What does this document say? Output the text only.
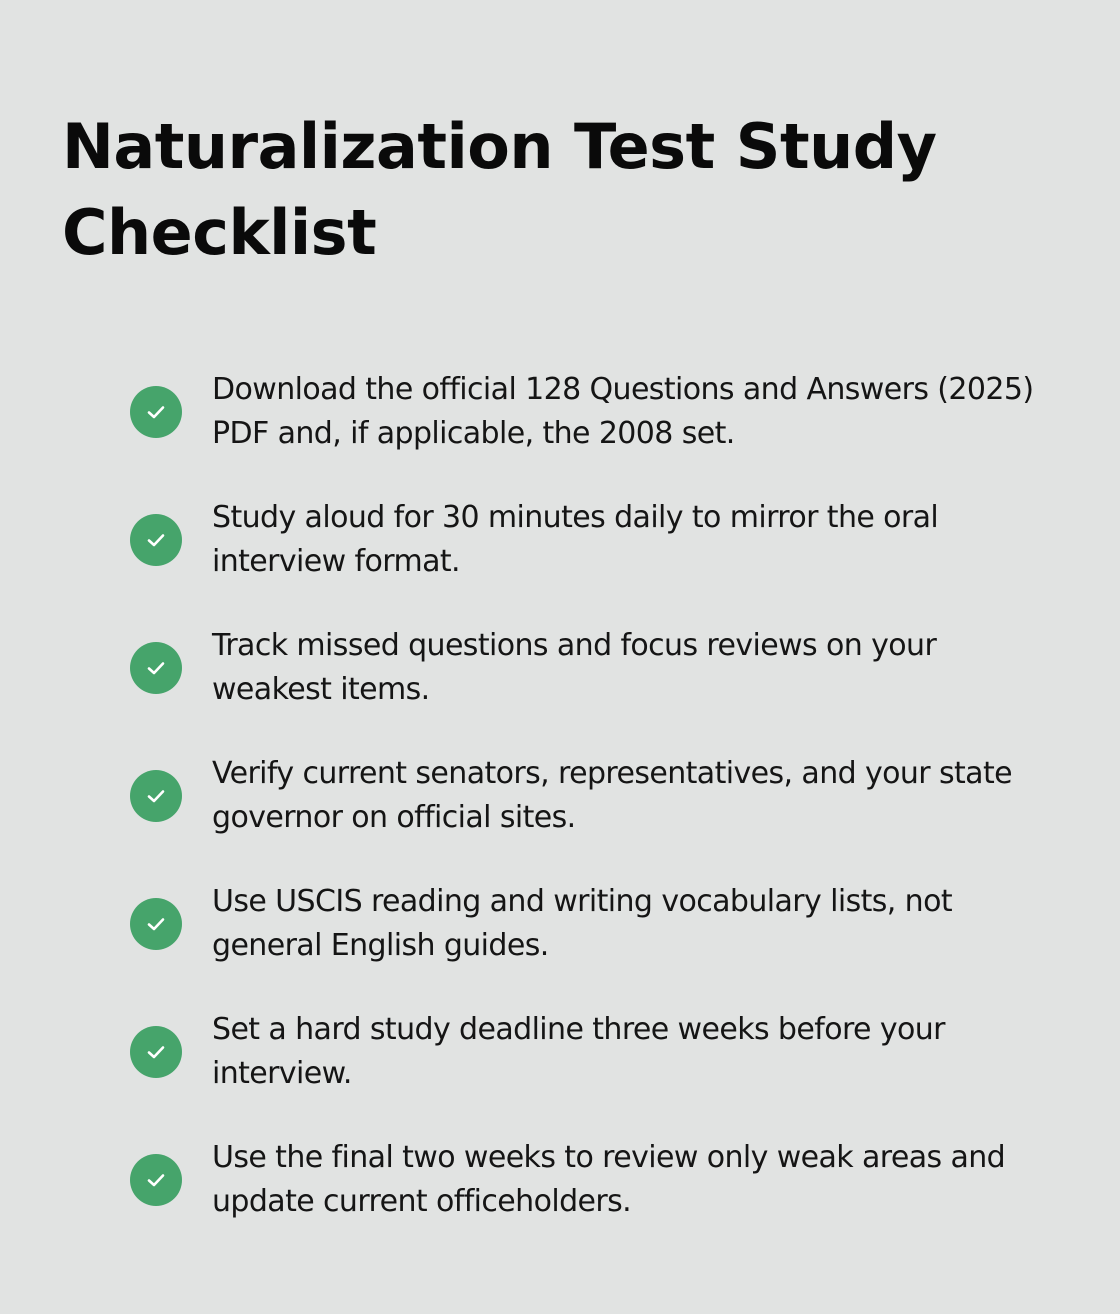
Naturalization Test Study Checklist
Download the official 128 Questions and Answers (2025) PDF and, if applicable, the 2008 set.
Study aloud for 30 minutes daily to mirror the oral interview format.
Track missed questions and focus reviews on your weakest items.
Verify current senators, representatives, and your state governor on official sites.
Use USCIS reading and writing vocabulary lists, not general English guides.
Set a hard study deadline three weeks before your interview.
Use the final two weeks to review only weak areas and update current officeholders.
